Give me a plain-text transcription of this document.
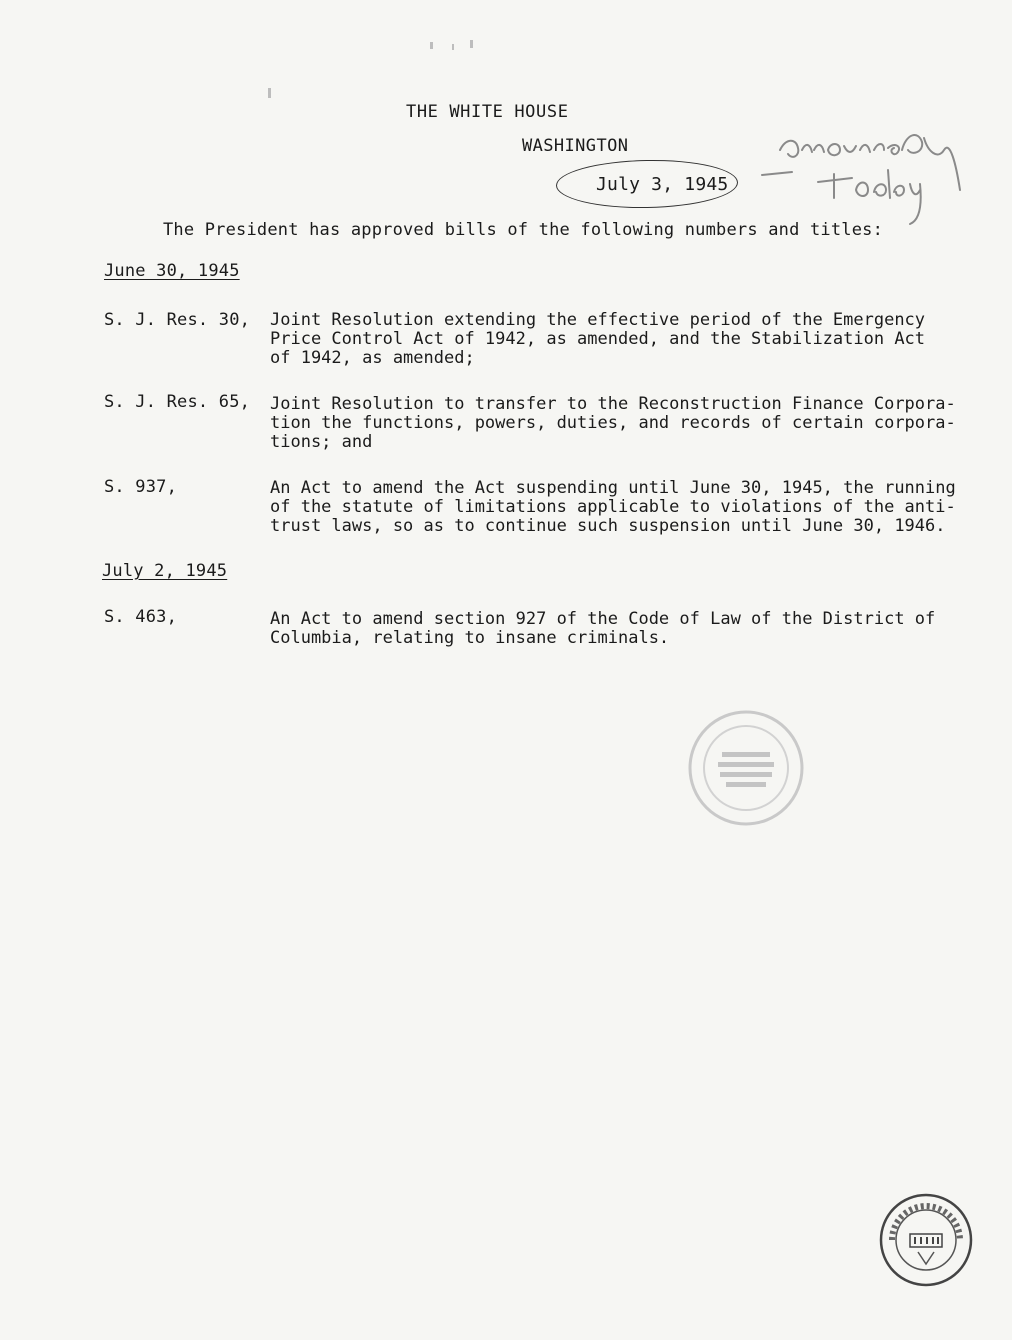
THE WHITE HOUSE
WASHINGTON
July 3, 1945
The President has approved bills of the following numbers and titles:
June 30, 1945
S. J. Res. 30, Joint Resolution extending the effective period of the Emergency
Price Control Act of 1942, as amended, and the Stabilization Act
of 1942, as amended;
S. J. Res. 65, Joint Resolution to transfer to the Reconstruction Finance Corpora-
tion the functions, powers, duties, and records of certain corpora-
tions; and
S. 937,	An Act to amend the Act suspending until June 30, 1945, the running
of the statute of limitations applicable to violations of the anti-
trust laws, so as to continue such suspension until June 30, 1946.
July 2, 1945
S. 463,	An Act to amend section 927 of the Code of Law of the District of
Columbia, relating to insane criminals.
